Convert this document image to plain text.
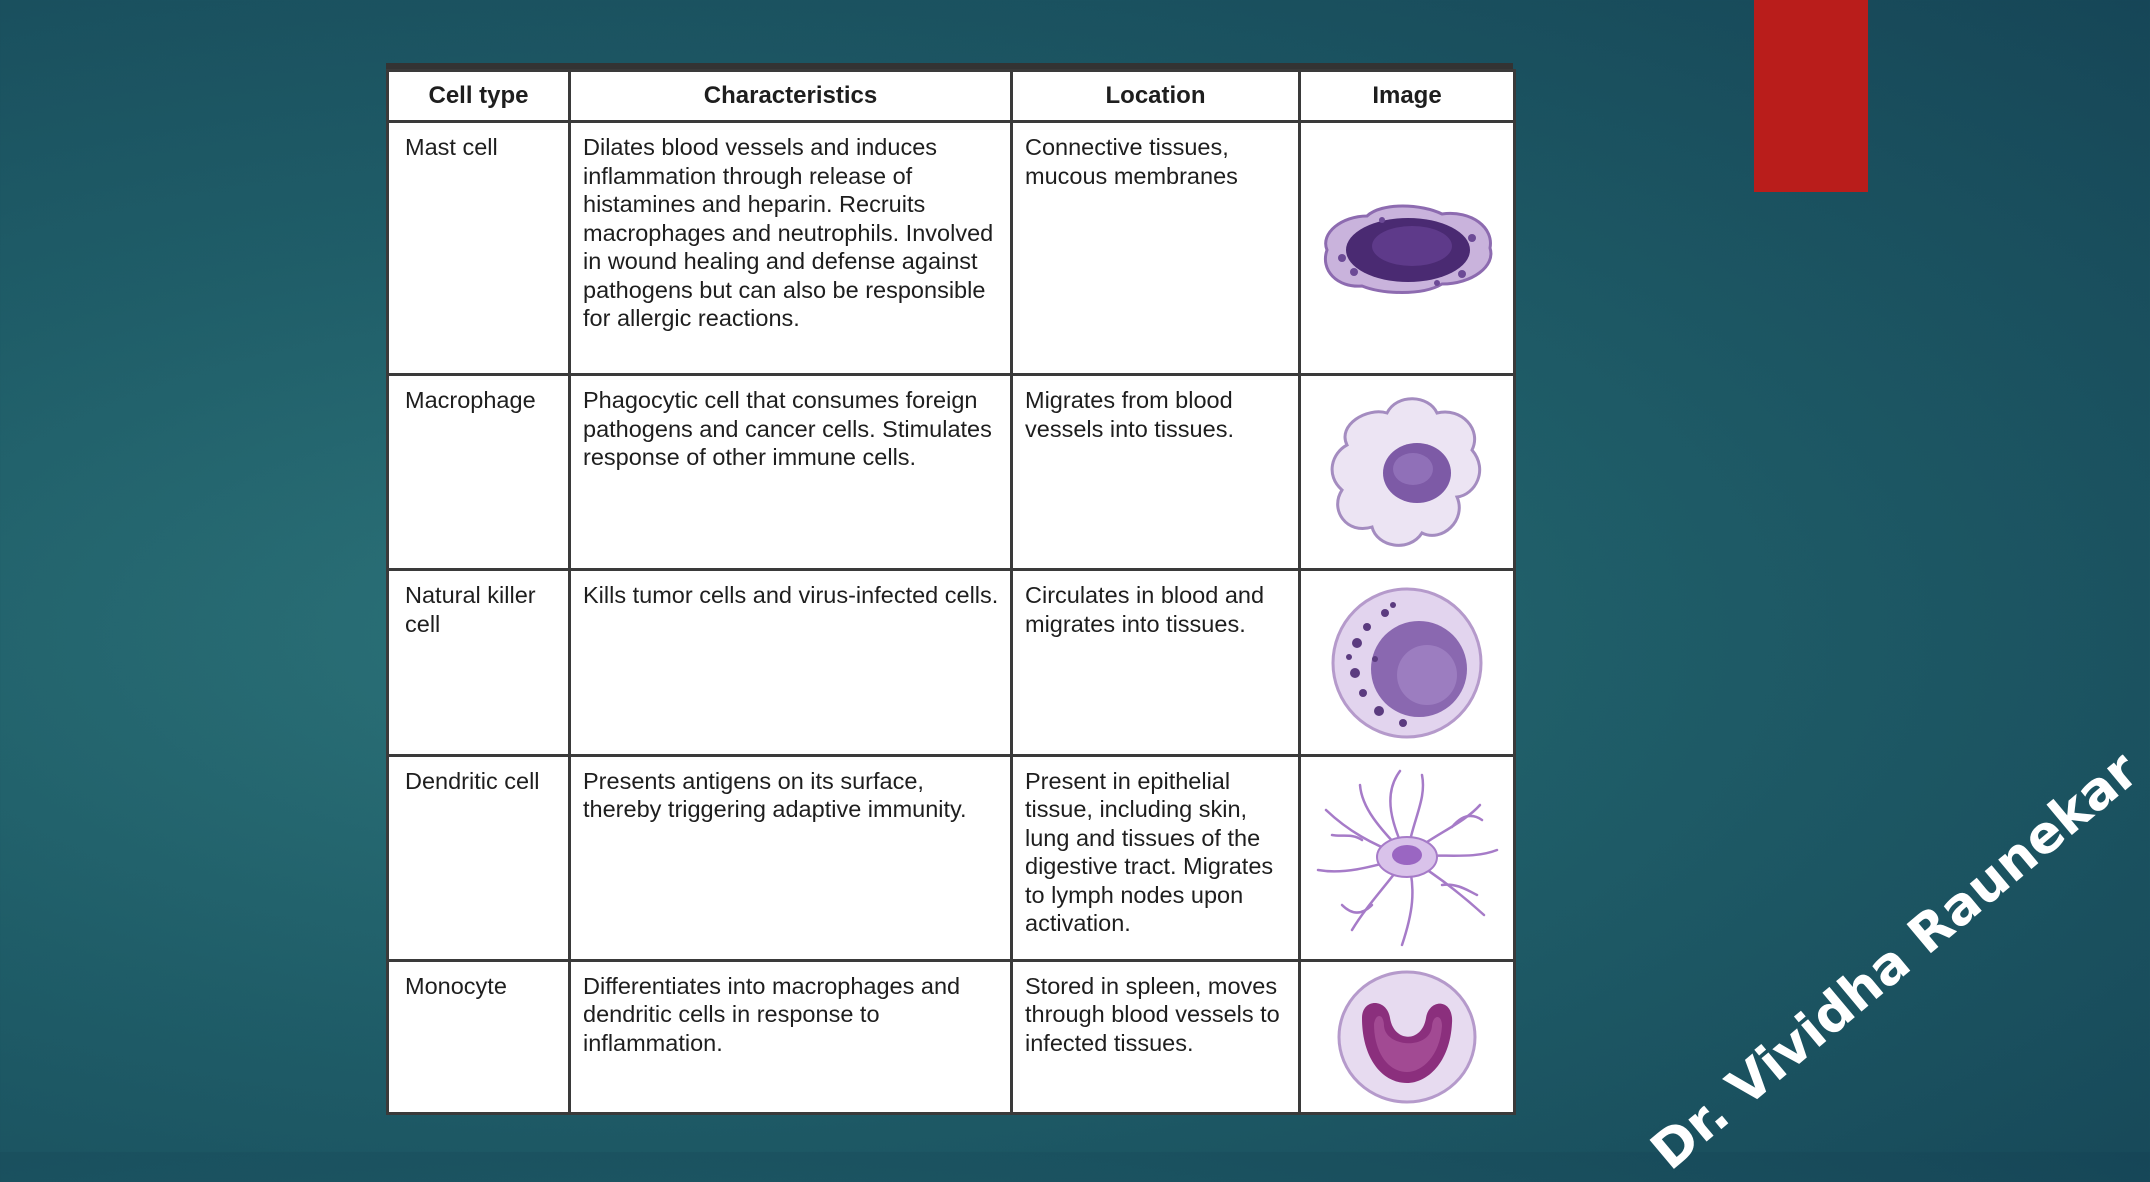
Cell type	Characteristics	Location	Image
Mast cell	Dilates blood vessels and induces inflammation through release of histamines and heparin. Recruits macrophages and neutrophils. Involved in wound healing and defense against pathogens but can also be responsible for allergic reactions.	Connective tissues, mucous membranes	

Macrophage	Phagocytic cell that consumes foreign pathogens and cancer cells. Stimulates response of other immune cells.	Migrates from blood vessels into tissues.	

Natural killer cell	Kills tumor cells and virus-infected cells.	Circulates in blood and migrates into tissues.	

Dendritic cell	Presents antigens on its surface, thereby triggering adaptive immunity.	Present in epithelial tissue, including skin, lung and tissues of the digestive tract. Migrates to lymph nodes upon activation.	

Monocyte	Differentiates into macrophages and dendritic cells in response to inflammation.	Stored in spleen, moves through blood vessels to infected tissues.		Dr. Vividha Raunekar
